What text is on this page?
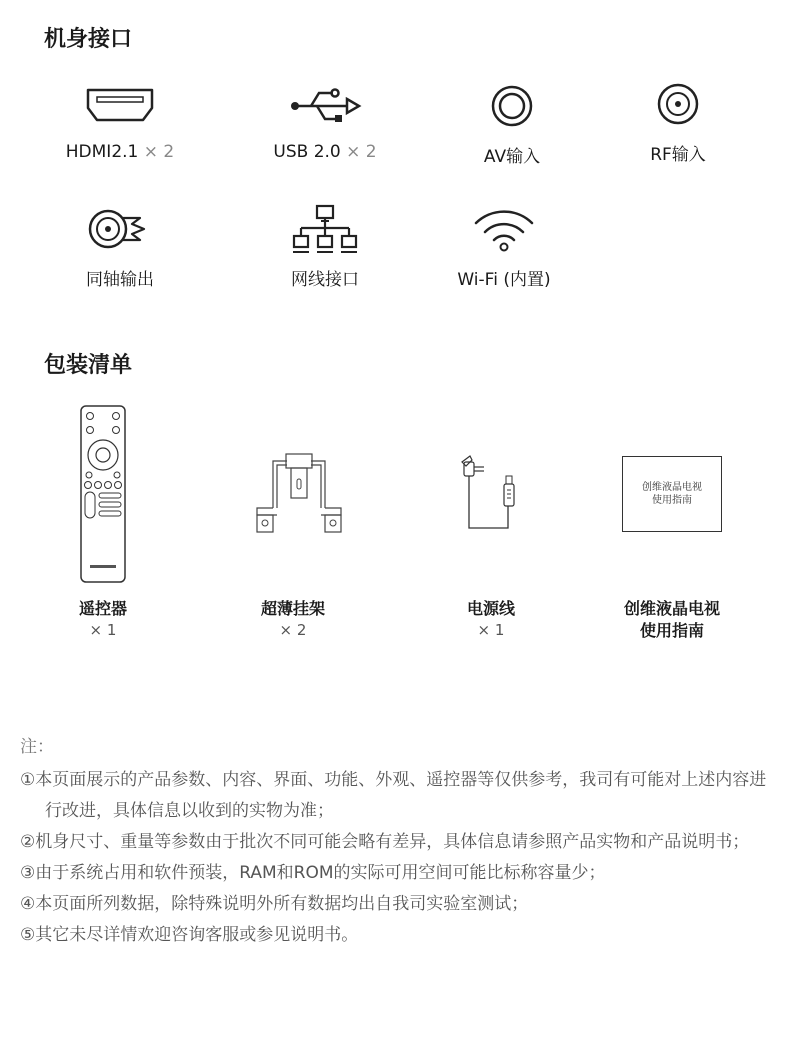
机身接口
HDMI2.1 × 2	USB 2.0 × 2	AV输入	RF输入
同轴输出	网线接口	Wi-Fi (内置)
包装清单
遥控器
× 1
超薄挂架
× 2
电源线
× 1
创维液晶电视
使用指南
创维液晶电视
使用指南
注：
①本页面展示的产品参数、内容、界面、功能、外观、遥控器等仅供参考，我司有可能对上述内容进行改进，具体信息以收到的实物为准；
②机身尺寸、重量等参数由于批次不同可能会略有差异，具体信息请参照产品实物和产品说明书；
③由于系统占用和软件预装，RAM和ROM的实际可用空间可能比标称容量少；
④本页面所列数据，除特殊说明外所有数据均出自我司实验室测试；
⑤其它未尽详情欢迎咨询客服或参见说明书。
